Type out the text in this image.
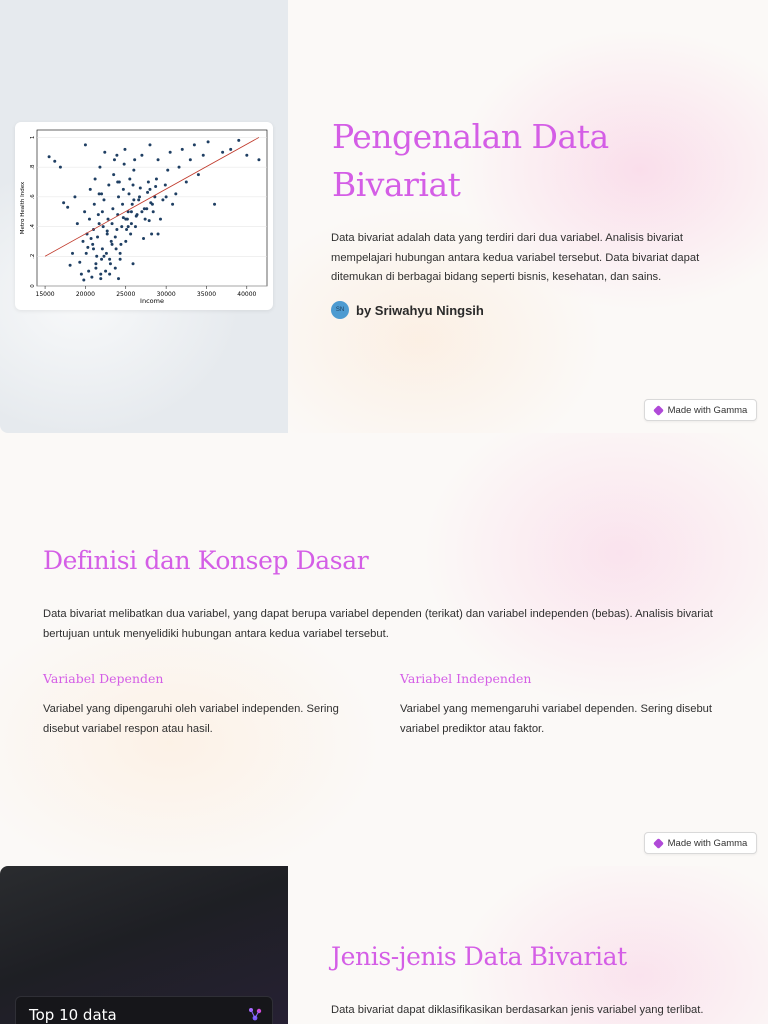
0
.2
.4
.6
.8
1
15000	20000	25000	30000	35000	40000
Income
Metro Health Index
Pengenalan Data Bivariat

Data bivariat adalah data yang terdiri dari dua variabel. Analisis bivariat mempelajari hubungan antara kedua variabel tersebut. Data bivariat dapat ditemukan di berbagai bidang seperti bisnis, kesehatan, dan sains.

SN by Sriwahyu Ningsih
Made with Gamma
Definisi dan Konsep Dasar

Data bivariat melibatkan dua variabel, yang dapat berupa variabel dependen (terikat) dan variabel independen (bebas). Analisis bivariat bertujuan untuk menyelidiki hubungan antara kedua variabel tersebut.

Variabel Dependen

Variabel yang dipengaruhi oleh variabel independen. Sering disebut variabel respon atau hasil.

Variabel Independen

Variabel yang memengaruhi variabel dependen. Sering disebut variabel prediktor atau faktor.

Made with Gamma
Top 10 data
Jenis-jenis Data Bivariat

Data bivariat dapat diklasifikasikan berdasarkan jenis variabel yang terlibat.
